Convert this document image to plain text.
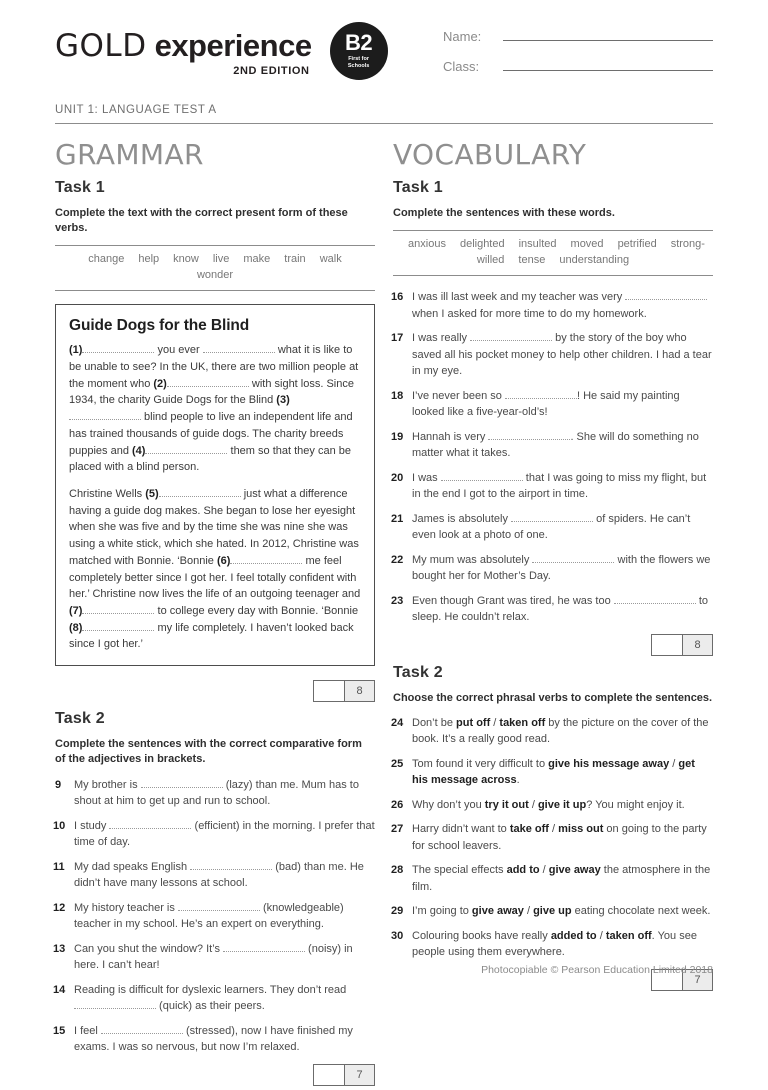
GOLD experience
2ND EDITION
B2
First for
Schools
Name:
Class:
UNIT 1: LANGUAGE TEST A
GRAMMAR
Task 1

Complete the text with the correct present form of these verbs.

change help know live make train walkwonder

Guide Dogs for the Blind

(1)	you ever	what it is like to be unable to see? In the UK, there are two million people at the moment who (2)	with sight loss. Since 1934, the charity Guide Dogs for the Blind (3) blind people to live an independent life and has trained thousands of guide dogs. The charity breeds puppies and (4)	them so that they can be placed with a blind person.

Christine Wells (5)	just what a difference having a guide dog makes. She began to lose her eyesight when she was five and by the time she was nine she was using a white stick, which she hated. In 2012, Christine was matched with Bonnie. ‘Bonnie (6)	me feel completely better since I got her. I feel totally confident with her.’ Christine now lives the life of an outgoing teenager and (7)	to college every day with Bonnie. ‘Bonnie (8)	my life completely. I haven’t looked back since I got her.’

8
Task 2

Complete the sentences with the correct comparative form of the adjectives in brackets.

9 My brother is	(lazy) than me. Mum has to shout at him to get up and run to school.
10 I study	(efficient) in the morning. I prefer that time of day.
11 My dad speaks English	(bad) than me. He didn’t have many lessons at school.
12 My history teacher is	(knowledgeable) teacher in my school. He’s an expert on everything.
13 Can you shut the window? It’s	(noisy) in here. I can’t hear!
14 Reading is difficult for dyslexic learners. They don’t read  (quick) as their peers.
15 I feel	(stressed), now I have finished my exams. I was so nervous, but now I’m relaxed.
7
VOCABULARY
Task 1

Complete the sentences with these words.

anxious delighted insulted moved petrified strong-

willed tense understanding

16 I was ill last week and my teacher was very  when I asked for more time to do my homework.
17 I was really	by the story of the boy who saved all his pocket money to help other children. I had a tear in my eye.
18 I’ve never been so	! He said my painting looked like a five-year-old’s!
19 Hannah is very	. She will do something no matter what it takes.
20 I was	that I was going to miss my flight, but in the end I got to the airport in time.
21 James is absolutely	of spiders. He can’t even look at a photo of one.
22 My mum was absolutely	with the flowers we bought her for Mother’s Day.
23 Even though Grant was tired, he was too	to sleep. He couldn’t relax.
8
Task 2

Choose the correct phrasal verbs to complete the sentences.

24 Don’t be put off / taken off by the picture on the cover of the book. It’s a really good read.
25 Tom found it very difficult to give his message away / get his message across.
26 Why don’t you try it out / give it up? You might enjoy it.
27 Harry didn’t want to take off / miss out on going to the party for school leavers.
28 The special effects add to / give away the atmosphere in the film.
29 I’m going to give away / give up eating chocolate next week.
30 Colouring books have really added to / taken off. You see people using them everywhere.
7
Photocopiable © Pearson Education Limited 2018
